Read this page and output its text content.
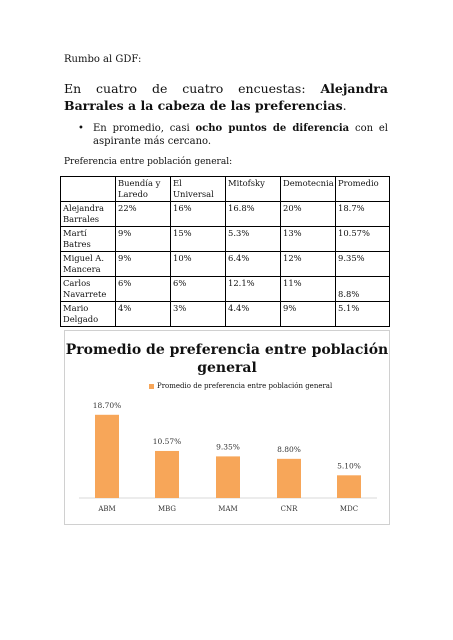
Rumbo al GDF:
En cuatro de cuatro encuestas: Alejandra Barrales a la cabeza de las preferencias.
• En promedio, casi ocho puntos de diferencia con el aspirante más cercano.
Preferencia entre población general:
	Buendía y Laredo	El Universal	Mitofsky	Demotecnia	Promedio
Alejandra Barrales	22%	16%	16.8%	20%	18.7%
Martí Batres	9%	15%	5.3%	13%	10.57%
Miguel A. Mancera	9%	10%	6.4%	12%	9.35%
Carlos Navarrete	6%	6%	12.1%	11%	8.8%
Mario Delgado	4%	3%	4.4%	9%	5.1%
Promedio de preferencia entre población general
Promedio de preferencia entre población general
18.70%
ABM
10.57%
MBG
9.35%
MAM
8.80%
CNR
5.10%
MDC
